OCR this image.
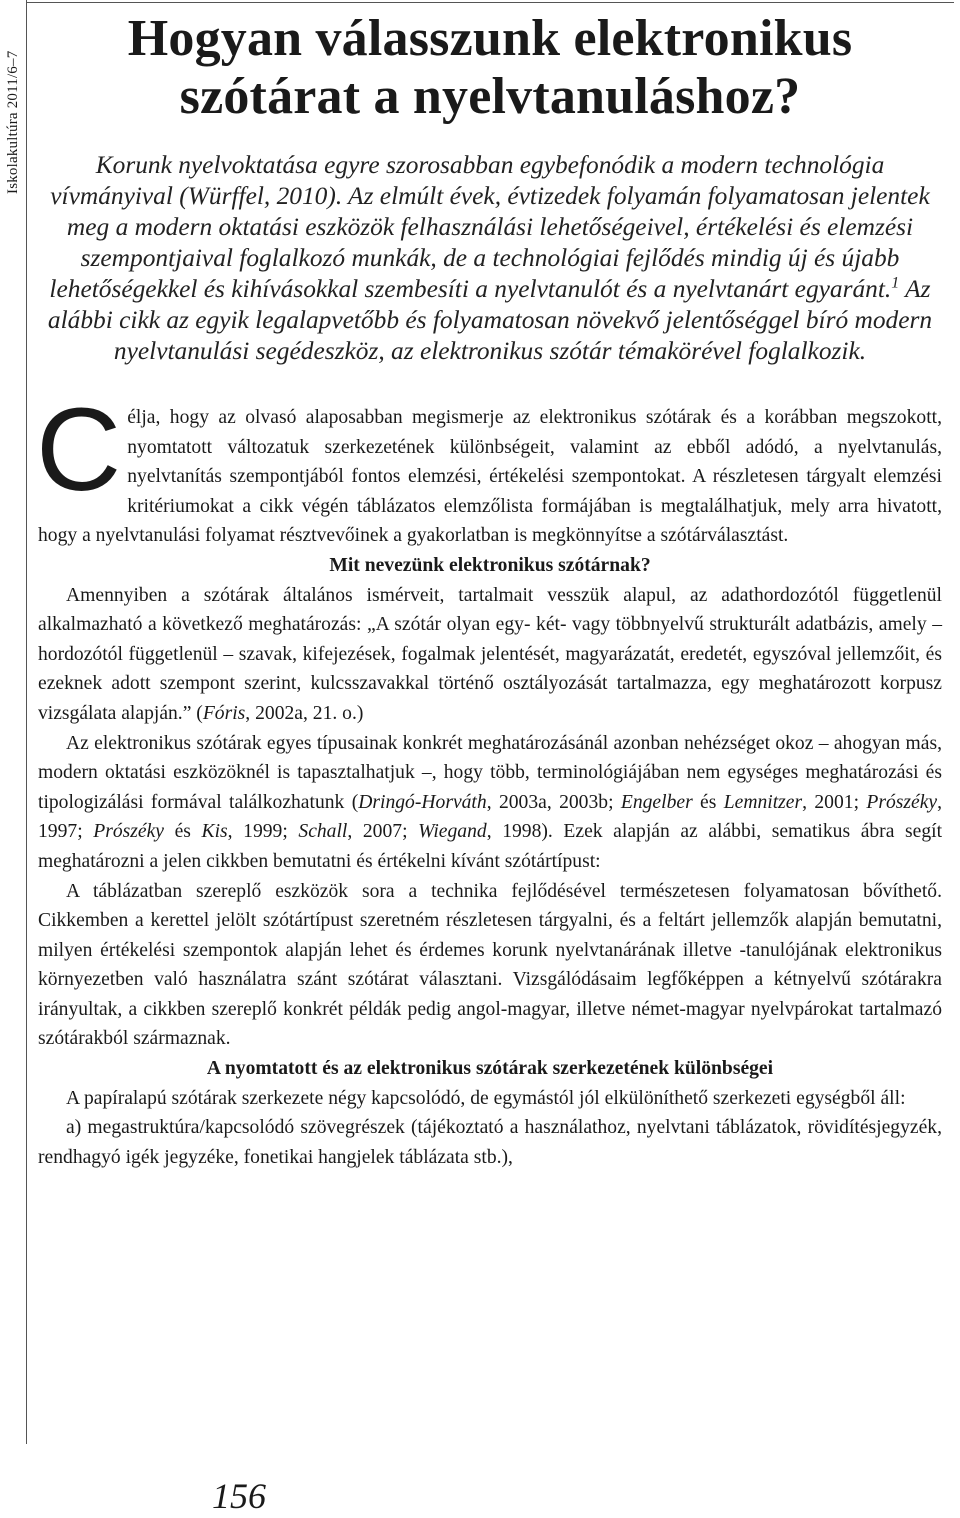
Iskolakultúra 2011/6–7
Hogyan válasszunk elektronikus
szótárat a nyelvtanuláshoz?

Korunk nyelvoktatása egyre szorosabban egybefonódik a modern technológia vívmányival (Würffel, 2010). Az elmúlt évek, évtizedek folyamán folyamatosan jelentek meg a modern oktatási eszközök felhasználási lehetőségeivel, értékelési és elemzési szempontjaival foglalkozó munkák, de a technológiai fejlődés mindig új és újabb lehetőségekkel és kihívásokkal szembesíti a nyelvtanulót és a nyelvtanárt egyaránt.$^1$ Az alábbi cikk az egyik legalapvetőbb és folyamatosan növekvő jelentőséggel bíró modern nyelvtanulási segédeszköz, az elektronikus szótár témakörével foglalkozik.

Célja, hogy az olvasó alaposabban megismerje az elektronikus szótárak és a korábban megszokott, nyomtatott változatuk szerkezetének különbségeit, valamint az ebből adódó, a nyelvtanulás, nyelvtanítás szempontjából fontos elemzési, értékelési szempontokat. A részletesen tárgyalt elemzési kritériumokat a cikk végén táblázatos elemzőlista formájában is megtalálhatjuk, mely arra hivatott, hogy a nyelvtanulási folyamat résztvevőinek a gyakorlatban is megkönnyítse a szótárválasztást.

Mit nevezünk elektronikus szótárnak?

Amennyiben a szótárak általános ismérveit, tartalmait vesszük alapul, az adathordozótól függetlenül alkalmazható a következő meghatározás: „A szótár olyan egy- két- vagy többnyelvű strukturált adatbázis, amely – hordozótól függetlenül – szavak, kifejezések, fogalmak jelentését, magyarázatát, eredetét, egyszóval jellemzőit, és ezeknek adott szempont szerint, kulcsszavakkal történő osztályozását tartalmazza, egy meghatározott korpusz vizsgálata alapján.” (Fóris, 2002a, 21. o.)

Az elektronikus szótárak egyes típusainak konkrét meghatározásánál azonban nehézséget okoz – ahogyan más, modern oktatási eszközöknél is tapasztalhatjuk –, hogy több, terminológiájában nem egységes meghatározási és tipologizálási formával találkozhatunk (Dringó-Horváth, 2003a, 2003b; Engelber és Lemnitzer, 2001; Prószéky, 1997; Prószéky és Kis, 1999; Schall, 2007; Wiegand, 1998). Ezek alapján az alábbi, sematikus ábra segít meghatározni a jelen cikkben bemutatni és értékelni kívánt szótártípust:

A táblázatban szereplő eszközök sora a technika fejlődésével természetesen folyamatosan bővíthető. Cikkemben a kerettel jelölt szótártípust szeretném részletesen tárgyalni, és a feltárt jellemzők alapján bemutatni, milyen értékelési szempontok alapján lehet és érdemes korunk nyelvtanárának illetve -tanulójának elektronikus környezetben való használatra szánt szótárat választani. Vizsgálódásaim legfőképpen a kétnyelvű szótárakra irányultak, a cikkben szereplő konkrét példák pedig angol-magyar, illetve német-magyar nyelvpárokat tartalmazó szótárakból származnak.

A nyomtatott és az elektronikus szótárak szerkezetének különbségei

A papíralapú szótárak szerkezete négy kapcsolódó, de egymástól jól elkülöníthető szerkezeti egységből áll:

a) megastruktúra/kapcsolódó szövegrészek (tájékoztató a használathoz, nyelvtani táblázatok, rövidítésjegyzék, rendhagyó igék jegyzéke, fonetikai hangjelek táblázata stb.),

156
